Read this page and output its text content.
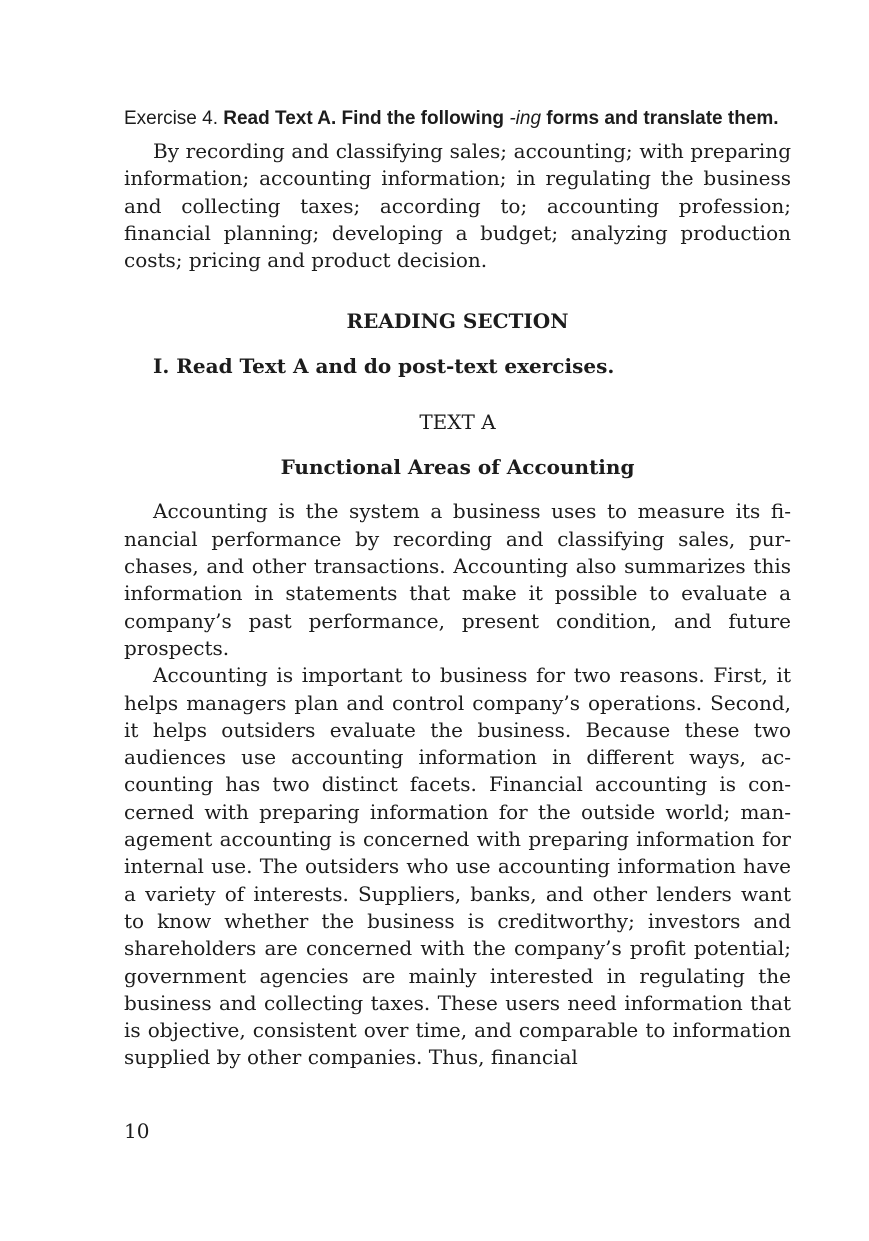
Exercise 4. Read Text A. Find the following -ing forms and translate them.

By recording and classifying sales; accounting; with preparing information; accounting information; in regulating the business and collecting taxes; according to; accounting profession; financial planning; developing a budget; analyzing production costs; pricing and product decision.

READING SECTION

I. Read Text A and do post-text exercises.

TEXT A

Functional Areas of Accounting

Accounting is the system a business uses to measure its financial performance by recording and classifying sales, purchases, and other transactions. Accounting also summarizes this information in statements that make it possible to evaluate a company’s past performance, present condition, and future prospects.

Accounting is important to business for two reasons. First, it helps managers plan and control company’s operations. Second, it helps outsiders evaluate the business. Because these two audiences use accounting information in different ways, accounting has two distinct facets. Financial accounting is concerned with preparing information for the outside world; management accounting is concerned with preparing information for internal use. The outsiders who use accounting information have a variety of interests. Suppliers, banks, and other lenders want to know whether the business is creditworthy; investors and shareholders are concerned with the company’s profit potential; government agencies are mainly interested in regulating the business and collecting taxes. These users need information that is objective, consistent over time, and comparable to information supplied by other companies. Thus, financial

10
